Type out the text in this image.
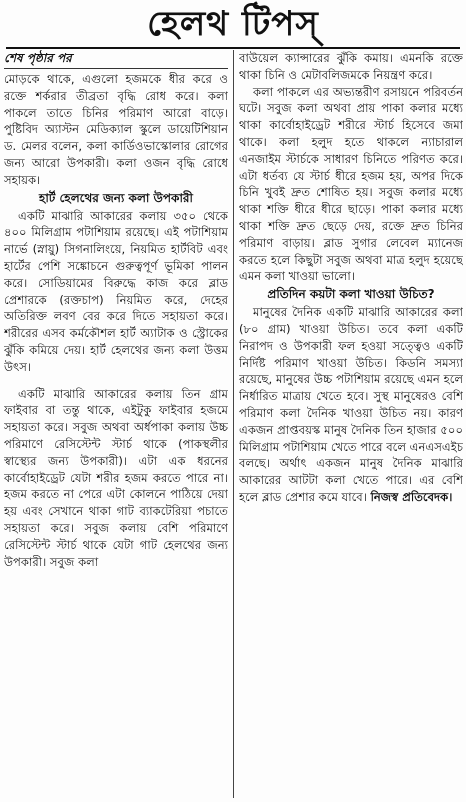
হেলথ টিপস্
শেষ পৃষ্ঠার পর

মোড়কে থাকে, এগুলো হজমকে ধীর করে ও রক্তে শর্করার তীব্রতা বৃদ্ধি রোধ করে। কলা পাকলে তাতে চিনির পরিমাণ আরো বাড়ে। পুষ্টিবিদ অ্যাস্টন মেডিক্যাল স্কুলে ডায়েটিশিয়ান ড. মেলর বলেন, কলা কার্ডিওভাস্কোলার রোগের জন্য আরো উপকারী। কলা ওজন বৃদ্ধি রোধে সহায়ক।

হার্ট হেলথের জন্য কলা উপকারী

একটি মাঝারি আকারের কলায় ৩৫০ থেকে ৪০০ মিলিগ্রাম পটাশিয়াম রয়েছে। এই পটাশিয়াম নার্ভে (স্নায়ু) সিগনালিংয়ে, নিয়মিত হার্টবিট এবং হার্টের পেশি সঙ্কোচনে গুরুত্বপূর্ণ ভূমিকা পালন করে। সোডিয়ামের বিরুদ্ধে কাজ করে ব্লাড প্রেশারকে (রক্তচাপ) নিয়মিত করে, দেহের অতিরিক্ত লবণ বের করে দিতে সহায়তা করে। শরীরের এসব কর্মকৌশল হার্ট অ্যাটাক ও স্ট্রোকের ঝুঁকি কমিয়ে দেয়। হার্ট হেলথের জন্য কলা উত্তম উৎস।

একটি মাঝারি আকারের কলায় তিন গ্রাম ফাইবার বা তন্তু থাকে, এইটুকু ফাইবার হজমে সহায়তা করে। সবুজ অথবা অর্ধপাকা কলায় উচ্চ পরিমাণে রেসিস্টেন্ট স্টার্চ থাকে (পাকস্থলীর স্বাস্থ্যের জন্য উপকারী)। এটা এক ধরনের কার্বোহাইড্রেট যেটা শরীর হজম করতে পারে না। হজম করতে না পেরে এটা কোলনে পাঠিয়ে দেয়া হয় এবং সেখানে থাকা গাট ব্যাকটেরিয়া পচাতে সহায়তা করে। সবুজ কলায় বেশি পরিমাণে রেসিস্টেন্ট স্টার্চ থাকে যেটা গাট হেলথের জন্য উপকারী। সবুজ কলা

বাউয়েল ক্যান্সারের ঝুঁকি কমায়। এমনকি রক্তে থাকা চিনি ও মেটাবলিজমকে নিয়ন্ত্রণ করে।

কলা পাকলে এর অভ্যন্তরীণ রসায়নে পরিবর্তন ঘটে। সবুজ কলা অথবা প্রায় পাকা কলার মধ্যে থাকা কার্বোহাইড্রেট শরীরে স্টার্চ হিসেবে জমা থাকে। কলা হলুদ হতে থাকলে ন্যাচারাল এনজাইম স্টার্চকে সাধারণ চিনিতে পরিণত করে। এটা ধর্তব্য যে স্টার্চ ধীরে হজম হয়, অপর দিকে চিনি খুবই দ্রুত শোষিত হয়। সবুজ কলার মধ্যে থাকা শক্তি ধীরে ধীরে ছাড়ে। পাকা কলার মধ্যে থাকা শক্তি দ্রুত ছেড়ে দেয়, রক্তে দ্রুত চিনির পরিমাণ বাড়ায়। ব্লাড সুগার লেবেল ম্যানেজ করতে হলে কিছুটা সবুজ অথবা মাত্র হলুদ হয়েছে এমন কলা খাওয়া ভালো।

প্রতিদিন কয়টা কলা খাওয়া উচিত?

মানুষের দৈনিক একটি মাঝারি আকারের কলা (৮০ গ্রাম) খাওয়া উচিত। তবে কলা একটি নিরাপদ ও উপকারী ফল হওয়া সত্ত্বেও একটি নির্দিষ্ট পরিমাণ খাওয়া উচিত। কিডনি সমস্যা রয়েছে, মানুষের উচ্চ পটাশিয়াম রয়েছে এমন হলে নির্ধারিত মাত্রায় খেতে হবে। সুস্থ মানুষেরও বেশি পরিমাণ কলা দৈনিক খাওয়া উচিত নয়। কারণ একজন প্রাপ্তবয়স্ক মানুষ দৈনিক তিন হাজার ৫০০ মিলিগ্রাম পটাশিয়াম খেতে পারে বলে এনএসএইচ বলছে। অর্থাৎ একজন মানুষ দৈনিক মাঝারি আকারের আটটা কলা খেতে পারে। এর বেশি হলে ব্লাড প্রেশার কমে যাবে। নিজস্ব প্রতিবেদক।
